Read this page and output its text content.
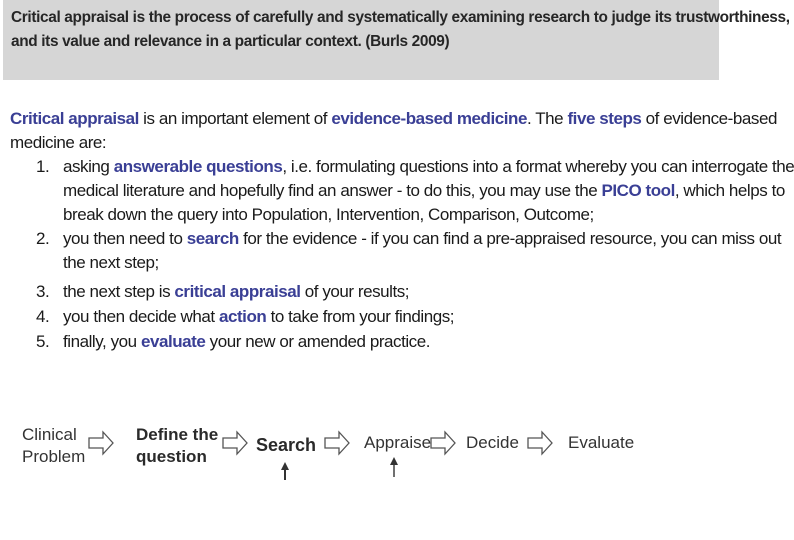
Critical appraisal is the process of carefully and systematically examining research to judge its trustworthiness,
and its value and relevance in a particular context. (Burls 2009)
Critical appraisal is an important element of evidence-based medicine. The five steps of evidence-based
medicine are:
1. asking answerable questions, i.e. formulating questions into a format whereby you can interrogate the
medical literature and hopefully find an answer - to do this, you may use the PICO tool, which helps to
break down the query into Population, Intervention, Comparison, Outcome;
2. you then need to search for the evidence - if you can find a pre-appraised resource, you can miss out
the next step;
3. the next step is critical appraisal of your results;
4. you then decide what action to take from your findings;
5. finally, you evaluate your new or amended practice.
Clinical
Problem
Define the
question
Search	Appraise Decide	Evaluate
